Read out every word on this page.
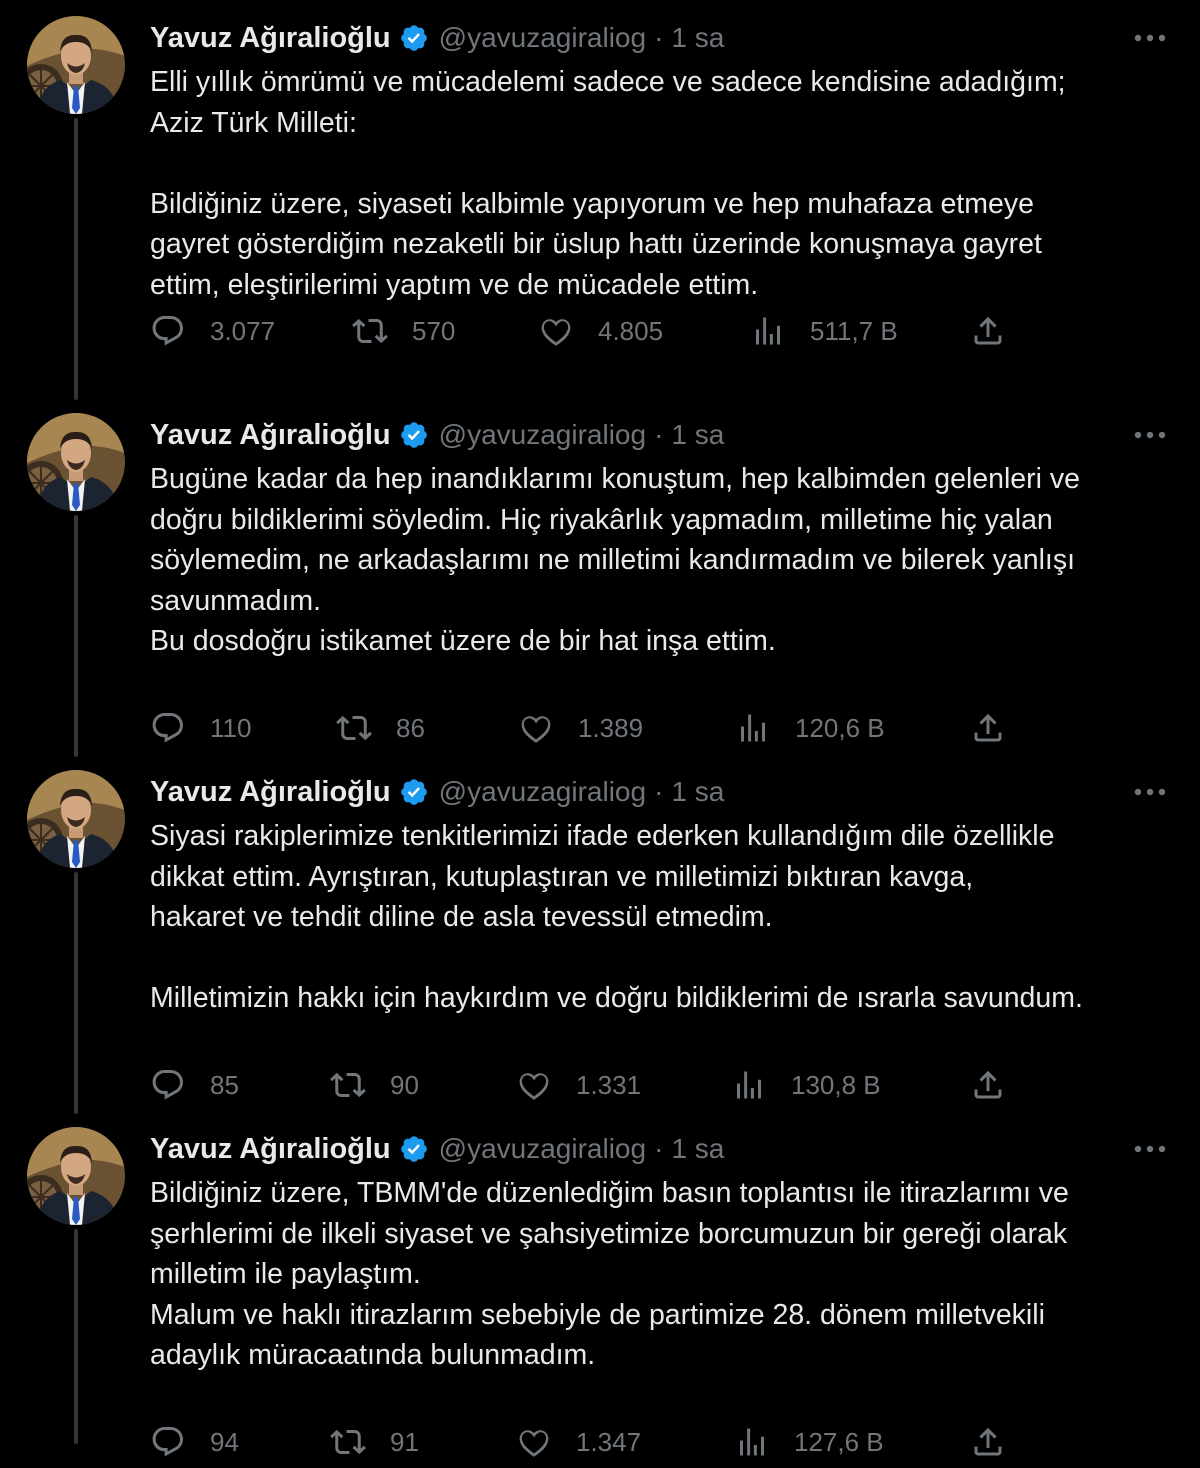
Yavuz Ağıralioğlu @yavuzagiraliog · 1 sa

Elli yıllık ömrümü ve mücadelemi sadece ve sadece kendisine adadığım;
Aziz Türk Milleti:

Bildiğiniz üzere, siyaseti kalbimle yapıyorum ve hep muhafaza etmeye
gayret gösterdiğim nezaketli bir üslup hattı üzerinde konuşmaya gayret
ettim, eleştirilerimi yaptım ve de mücadele ettim.

3.077	570	4.805	511,7 B
Yavuz Ağıralioğlu @yavuzagiraliog · 1 sa

Bugüne kadar da hep inandıklarımı konuştum, hep kalbimden gelenleri ve
doğru bildiklerimi söyledim. Hiç riyakârlık yapmadım, milletime hiç yalan
söylemedim, ne arkadaşlarımı ne milletimi kandırmadım ve bilerek yanlışı
savunmadım.
Bu dosdoğru istikamet üzere de bir hat inşa ettim.

110	86	1.389	120,6 B
Yavuz Ağıralioğlu @yavuzagiraliog · 1 sa

Siyasi rakiplerimize tenkitlerimizi ifade ederken kullandığım dile özellikle
dikkat ettim. Ayrıştıran, kutuplaştıran ve milletimizi bıktıran kavga,
hakaret ve tehdit diline de asla tevessül etmedim.

Milletimizin hakkı için haykırdım ve doğru bildiklerimi de ısrarla savundum.

85	90	1.331	130,8 B
Yavuz Ağıralioğlu @yavuzagiraliog · 1 sa

Bildiğiniz üzere, TBMM'de düzenlediğim basın toplantısı ile itirazlarımı ve
şerhlerimi de ilkeli siyaset ve şahsiyetimize borcumuzun bir gereği olarak
milletim ile paylaştım.
Malum ve haklı itirazlarım sebebiyle de partimize 28. dönem milletvekili
adaylık müracaatında bulunmadım.

94	91	1.347	127,6 B
